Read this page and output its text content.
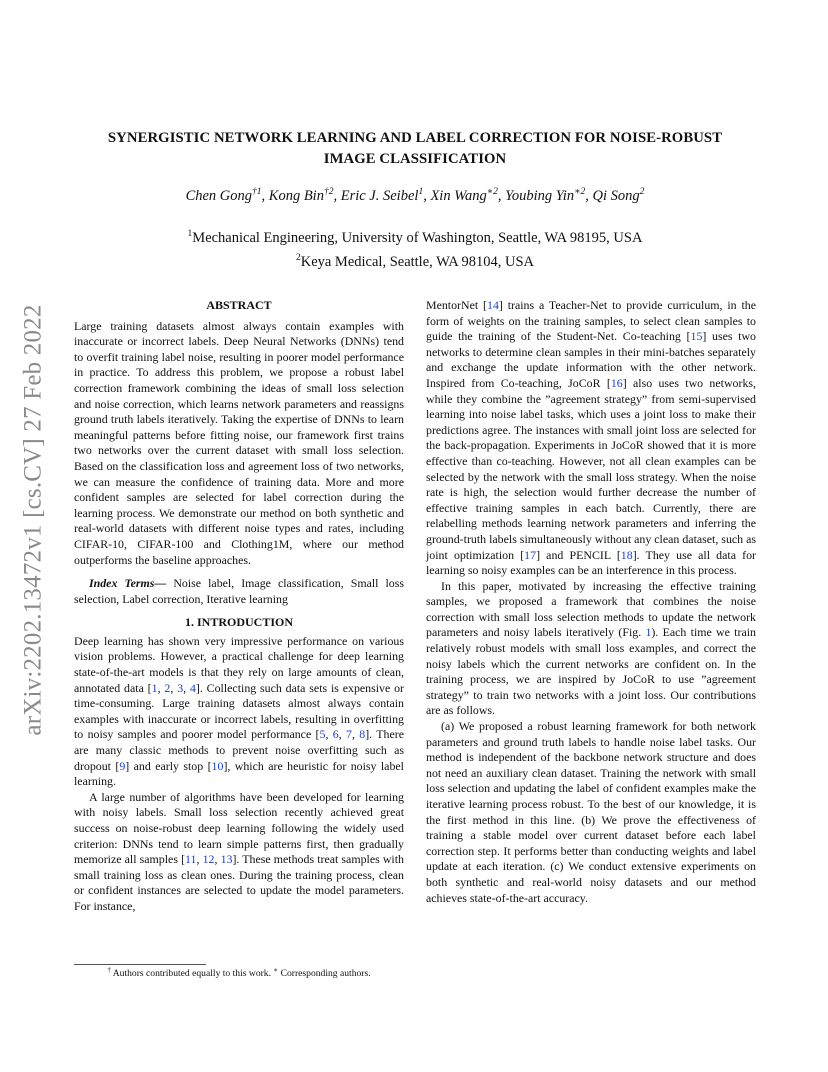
arXiv:2202.13472v1 [cs.CV] 27 Feb 2022
SYNERGISTIC NETWORK LEARNING AND LABEL CORRECTION FOR NOISE-ROBUST
IMAGE CLASSIFICATION
Chen Gong$^{\dagger 1}$, Kong Bin$^{\dagger 2}$, Eric J. Seibel$^1$, Xin Wang$^{∗2}$, Youbing Yin$^{∗2}$, Qi Song$^2$
$^1$Mechanical Engineering, University of Washington, Seattle, WA 98195, USA
$^2$Keya Medical, Seattle, WA 98104, USA
ABSTRACT

Large training datasets almost always contain examples with inaccurate or incorrect labels. Deep Neural Networks (DNNs) tend to overfit training label noise, resulting in poorer model performance in practice. To address this problem, we propose a robust label correction framework combining the ideas of small loss selection and noise correction, which learns network parameters and reassigns ground truth labels iteratively. Taking the expertise of DNNs to learn meaningful patterns before fitting noise, our framework first trains two networks over the current dataset with small loss selection. Based on the classification loss and agreement loss of two networks, we can measure the confidence of training data. More and more confident samples are selected for label correction during the learning process. We demonstrate our method on both synthetic and real-world datasets with different noise types and rates, including CIFAR-10, CIFAR-100 and Clothing1M, where our method outperforms the baseline approaches.

Index Terms— Noise label, Image classification, Small loss selection, Label correction, Iterative learning

1. INTRODUCTION

Deep learning has shown very impressive performance on various vision problems. However, a practical challenge for deep learning state-of-the-art models is that they rely on large amounts of clean, annotated data [1, 2, 3, 4]. Collecting such data sets is expensive or time-consuming. Large training datasets almost always contain examples with inaccurate or incorrect labels, resulting in overfitting to noisy samples and poorer model performance [5, 6, 7, 8]. There are many classic methods to prevent noise overfitting such as dropout [9] and early stop [10], which are heuristic for noisy label learning.

A large number of algorithms have been developed for learning with noisy labels. Small loss selection recently achieved great success on noise-robust deep learning following the widely used criterion: DNNs tend to learn simple patterns first, then gradually memorize all samples [11, 12, 13]. These methods treat samples with small training loss as clean ones. During the training process, clean or confident instances are selected to update the model parameters. For instance,

MentorNet [14] trains a Teacher-Net to provide curriculum, in the form of weights on the training samples, to select clean samples to guide the training of the Student-Net. Co-teaching [15] uses two networks to determine clean samples in their mini-batches separately and exchange the update information with the other network. Inspired from Co-teaching, JoCoR [16] also uses two networks, while they combine the ”agreement strategy” from semi-supervised learning into noise label tasks, which uses a joint loss to make their predictions agree. The instances with small joint loss are selected for the back-propagation. Experiments in JoCoR showed that it is more effective than co-teaching. However, not all clean examples can be selected by the network with the small loss strategy. When the noise rate is high, the selection would further decrease the number of effective training samples in each batch. Currently, there are relabelling methods learning network parameters and inferring the ground-truth labels simultaneously without any clean dataset, such as joint optimization [17] and PENCIL [18]. They use all data for learning so noisy examples can be an interference in this process.

In this paper, motivated by increasing the effective training samples, we proposed a framework that combines the noise correction with small loss selection methods to update the network parameters and noisy labels iteratively (Fig. 1). Each time we train relatively robust models with small loss examples, and correct the noisy labels which the current networks are confident on. In the training process, we are inspired by JoCoR to use ”agreement strategy” to train two networks with a joint loss. Our contributions are as follows.

(a) We proposed a robust learning framework for both network parameters and ground truth labels to handle noise label tasks. Our method is independent of the backbone network structure and does not need an auxiliary clean dataset. Training the network with small loss selection and updating the label of confident examples make the iterative learning process robust. To the best of our knowledge, it is the first method in this line. (b) We prove the effectiveness of training a stable model over current dataset before each label correction step. It performs better than conducting weights and label update at each iteration. (c) We conduct extensive experiments on both synthetic and real-world noisy datasets and our method achieves state-of-the-art accuracy.

† Authors contributed equally to this work. ∗ Corresponding authors.
